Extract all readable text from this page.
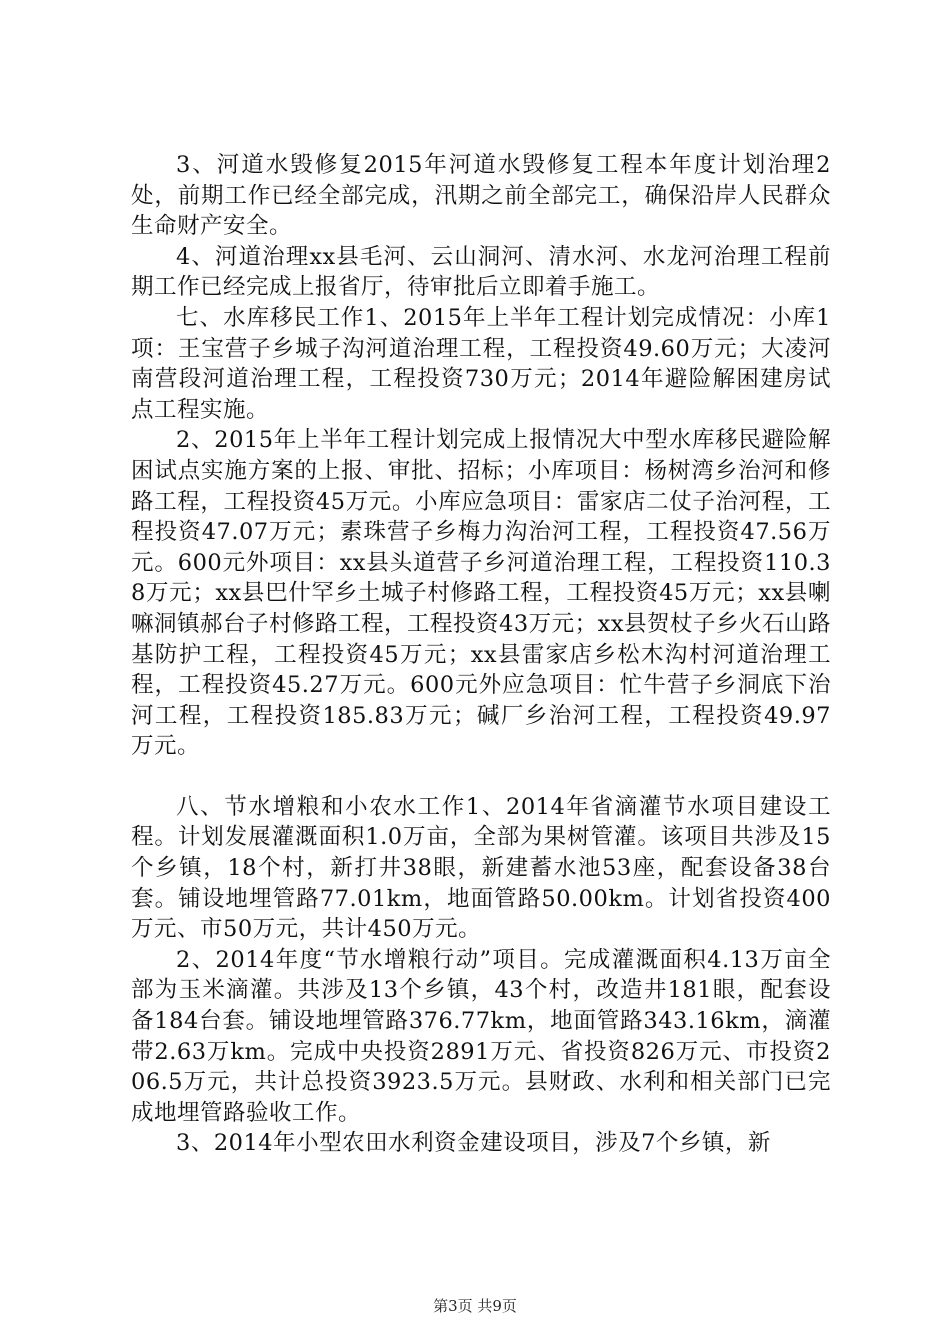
3、河道水毁修复2015年河道水毁修复工程本年度计划治理2处，前期工作已经全部完成，汛期之前全部完工，确保沿岸人民群众生命财产安全。

4、河道治理xx县毛河、云山洞河、清水河、水龙河治理工程前期工作已经完成上报省厅，待审批后立即着手施工。

七、水库移民工作1、2015年上半年工程计划完成情况：小库1项：王宝营子乡城子沟河道治理工程，工程投资49.60万元；大凌河南营段河道治理工程，工程投资730万元；2014年避险解困建房试点工程实施。

2、2015年上半年工程计划完成上报情况大中型水库移民避险解困试点实施方案的上报、审批、招标；小库项目：杨树湾乡治河和修路工程，工程投资45万元。小库应急项目：雷家店二仗子治河程，工程投资47.07万元；素珠营子乡梅力沟治河工程，工程投资47.56万元。600元外项目：xx县头道营子乡河道治理工程，工程投资110.38万元；xx县巴什罕乡土城子村修路工程，工程投资45万元；xx县喇嘛洞镇郝台子村修路工程，工程投资43万元；xx县贺杖子乡火石山路基防护工程，工程投资45万元；xx县雷家店乡松木沟村河道治理工程，工程投资45.27万元。600元外应急项目：忙牛营子乡洞底下治河工程，工程投资185.83万元；碱厂乡治河工程，工程投资49.97万元。

八、节水增粮和小农水工作1、2014年省滴灌节水项目建设工程。计划发展灌溉面积1.0万亩，全部为果树管灌。该项目共涉及15个乡镇，18个村，新打井38眼，新建蓄水池53座，配套设备38台套。铺设地埋管路77.01km，地面管路50.00km。计划省投资400万元、市50万元，共计450万元。

2、2014年度“节水增粮行动”项目。完成灌溉面积4.13万亩全部为玉米滴灌。共涉及13个乡镇，43个村，改造井181眼，配套设备184台套。铺设地埋管路376.77km，地面管路343.16km，滴灌带2.63万km。完成中央投资2891万元、省投资826万元、市投资206.5万元，共计总投资3923.5万元。县财政、水利和相关部门已完成地埋管路验收工作。

3、2014年小型农田水利资金建设项目，涉及7个乡镇，新

第3页 共9页
